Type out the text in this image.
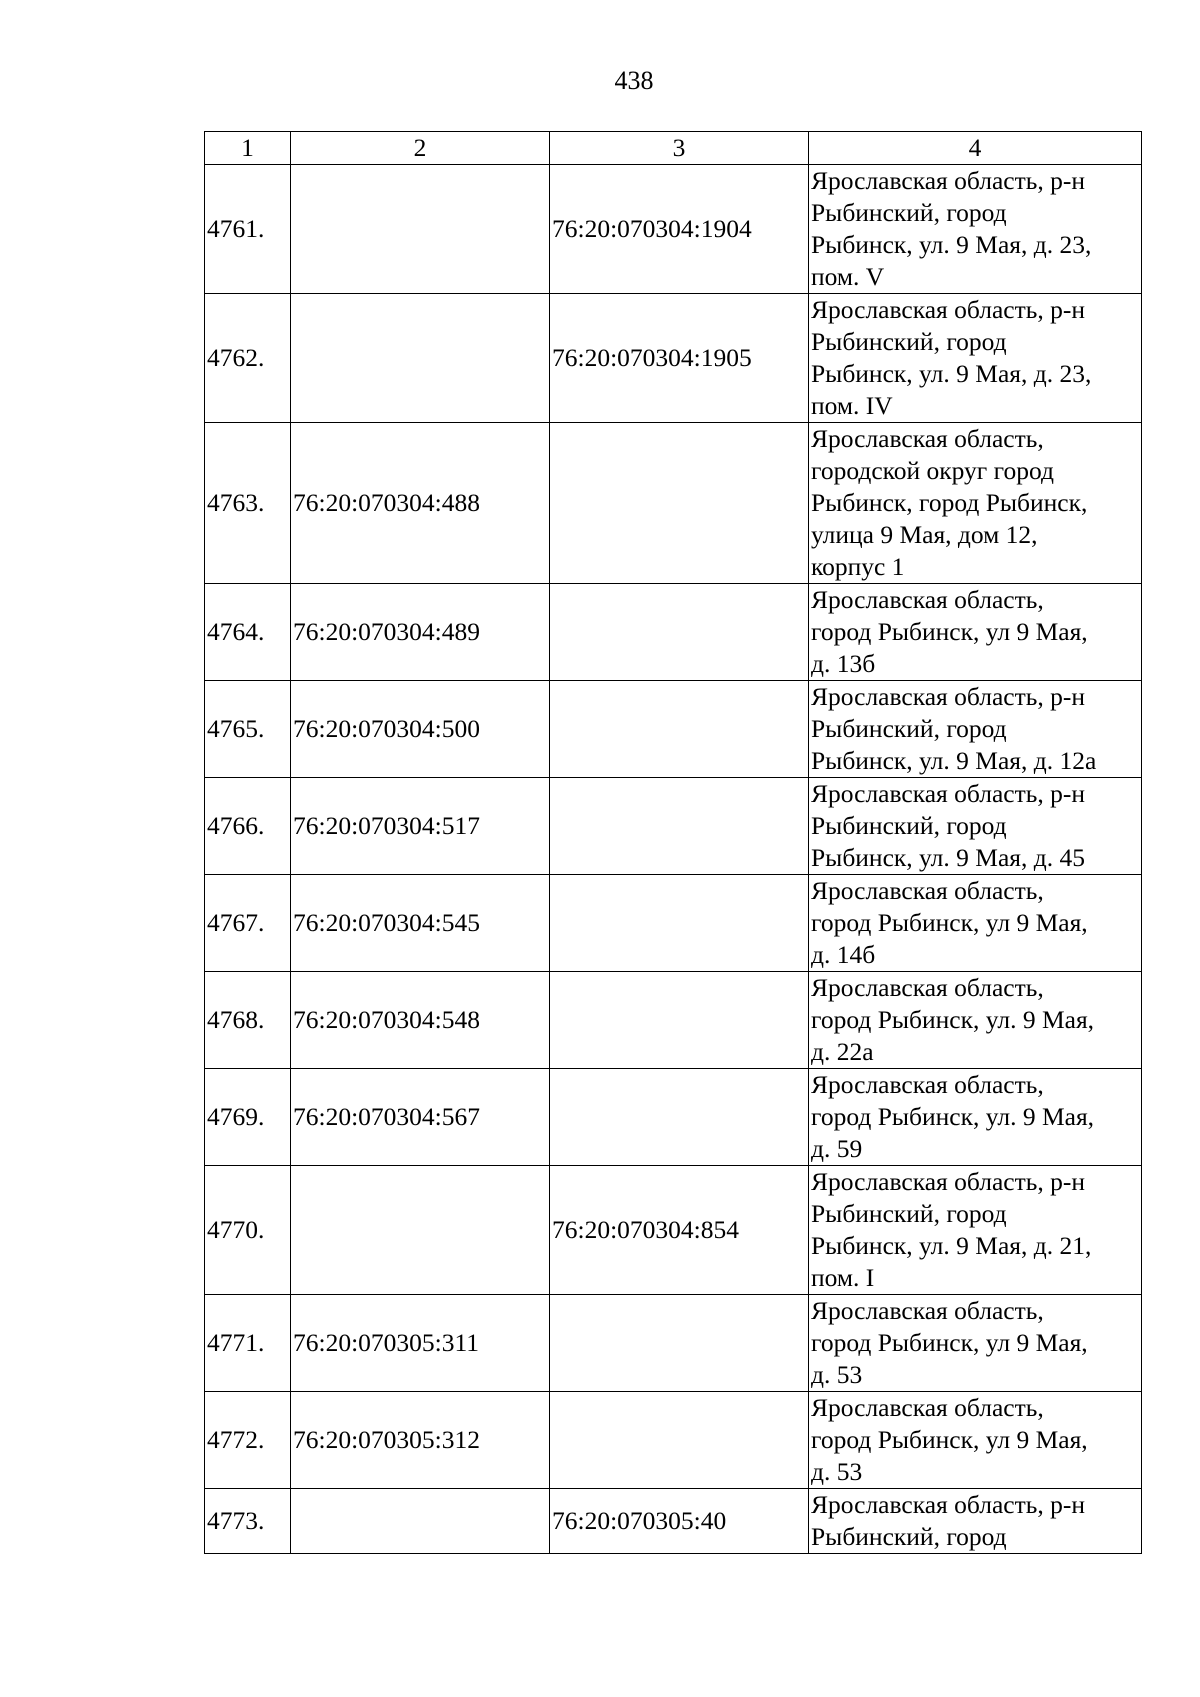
438
1	2	3	4
4761.		76:20:070304:1904	Ярославская область, р-н
Рыбинский, город
Рыбинск, ул. 9 Мая, д. 23,
пом. V

4762.		76:20:070304:1905	Ярославская область, р-н
Рыбинский, город
Рыбинск, ул. 9 Мая, д. 23,
пом. IV

4763.	76:20:070304:488		Ярославская область,
городской округ город
Рыбинск, город Рыбинск,
улица 9 Мая, дом 12,
корпус 1

4764.	76:20:070304:489		Ярославская область,
город Рыбинск, ул 9 Мая,
д. 13б

4765.	76:20:070304:500		Ярославская область, р-н
Рыбинский, город
Рыбинск, ул. 9 Мая, д. 12а

4766.	76:20:070304:517		Ярославская область, р-н
Рыбинский, город
Рыбинск, ул. 9 Мая, д. 45

4767.	76:20:070304:545		Ярославская область,
город Рыбинск, ул 9 Мая,
д. 14б

4768.	76:20:070304:548		Ярославская область,
город Рыбинск, ул. 9 Мая,
д. 22а

4769.	76:20:070304:567		Ярославская область,
город Рыбинск, ул. 9 Мая,
д. 59

4770.		76:20:070304:854	Ярославская область, р-н
Рыбинский, город
Рыбинск, ул. 9 Мая, д. 21,
пом. I

4771.	76:20:070305:311		Ярославская область,
город Рыбинск, ул 9 Мая,
д. 53

4772.	76:20:070305:312		Ярославская область,
город Рыбинск, ул 9 Мая,
д. 53

4773.		76:20:070305:40	Ярославская область, р-н
Рыбинский, город
